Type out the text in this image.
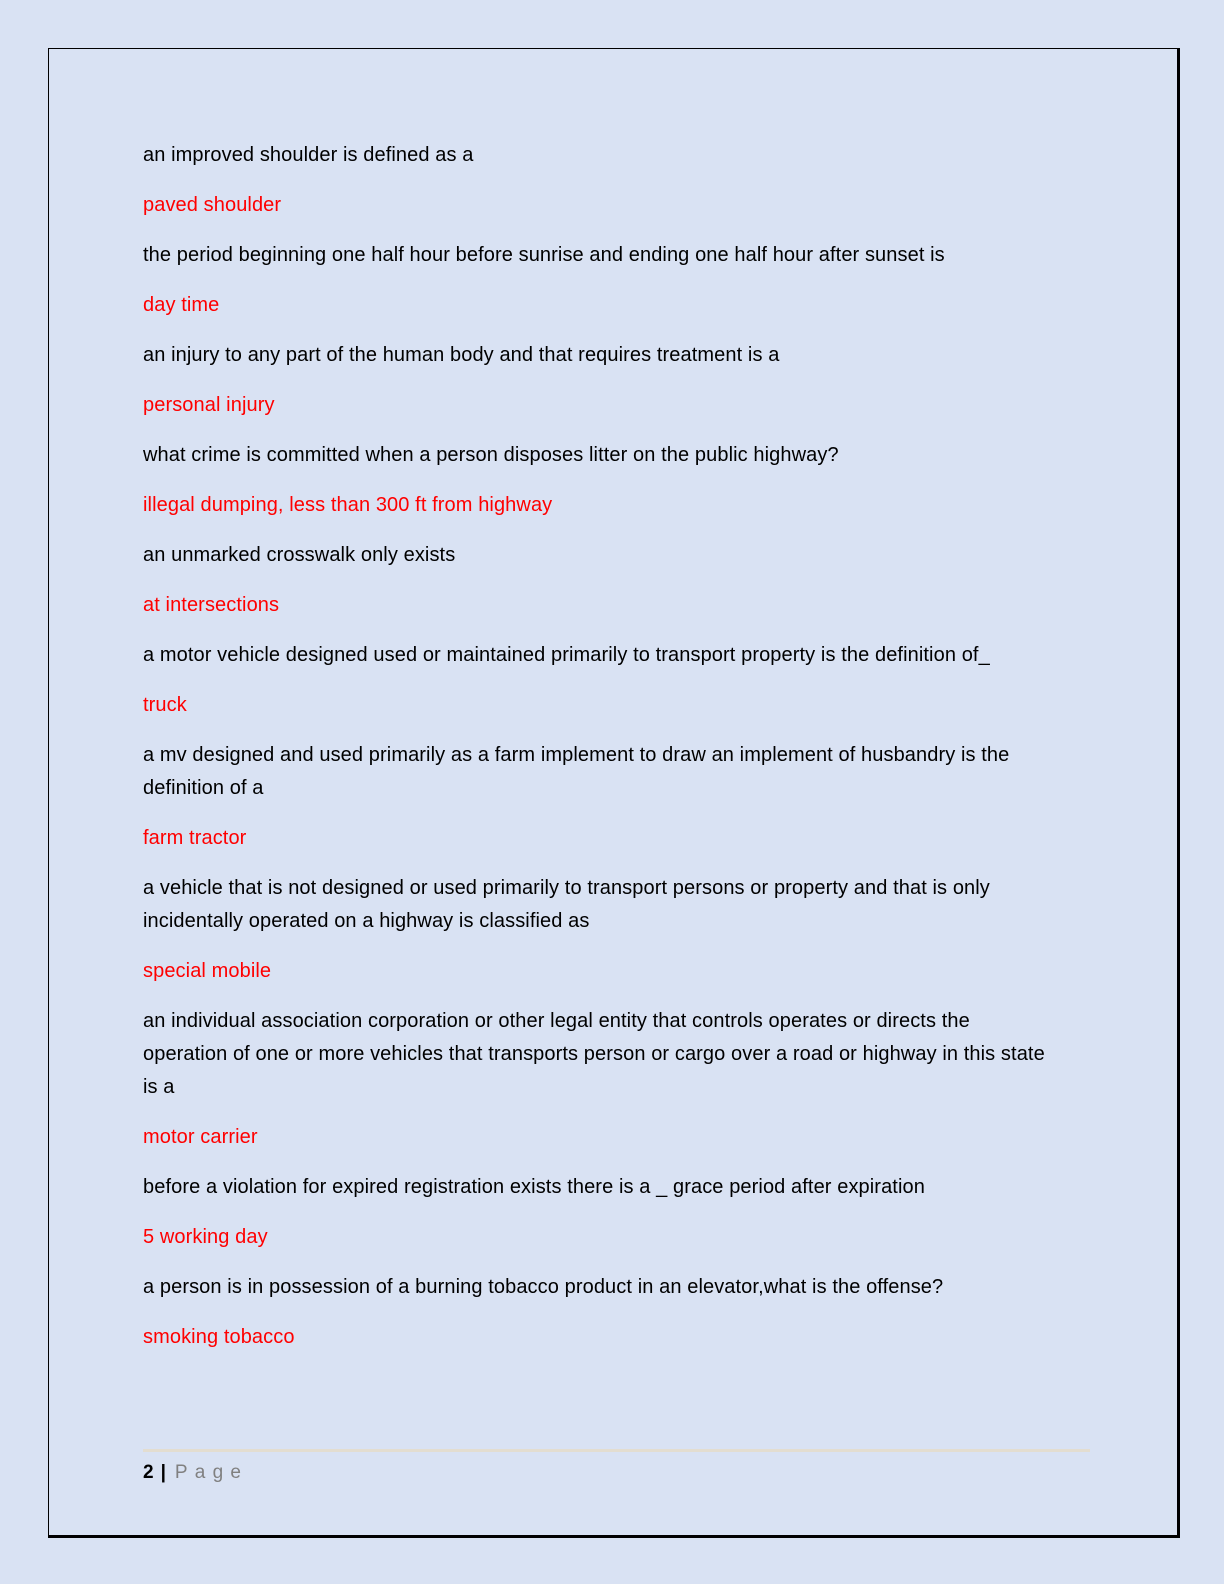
an improved shoulder is defined as a

paved shoulder

the period beginning one half hour before sunrise and ending one half hour after sunset is

day time

an injury to any part of the human body and that requires treatment is a

personal injury

what crime is committed when a person disposes litter on the public highway?

illegal dumping, less than 300 ft from highway

an unmarked crosswalk only exists

at intersections

a motor vehicle designed used or maintained primarily to transport property is the definition of_

truck

a mv designed and used primarily as a farm implement to draw an implement of husbandry is the definition of a

farm tractor

a vehicle that is not designed or used primarily to transport persons or property and that is only incidentally operated on a highway is classified as

special mobile

an individual association corporation or other legal entity that controls operates or directs the operation of one or more vehicles that transports person or cargo over a road or highway in this state is a

motor carrier

before a violation for expired registration exists there is a _ grace period after expiration

5 working day

a person is in possession of a burning tobacco product in an elevator,what is the offense?

smoking tobacco

2 | Page
